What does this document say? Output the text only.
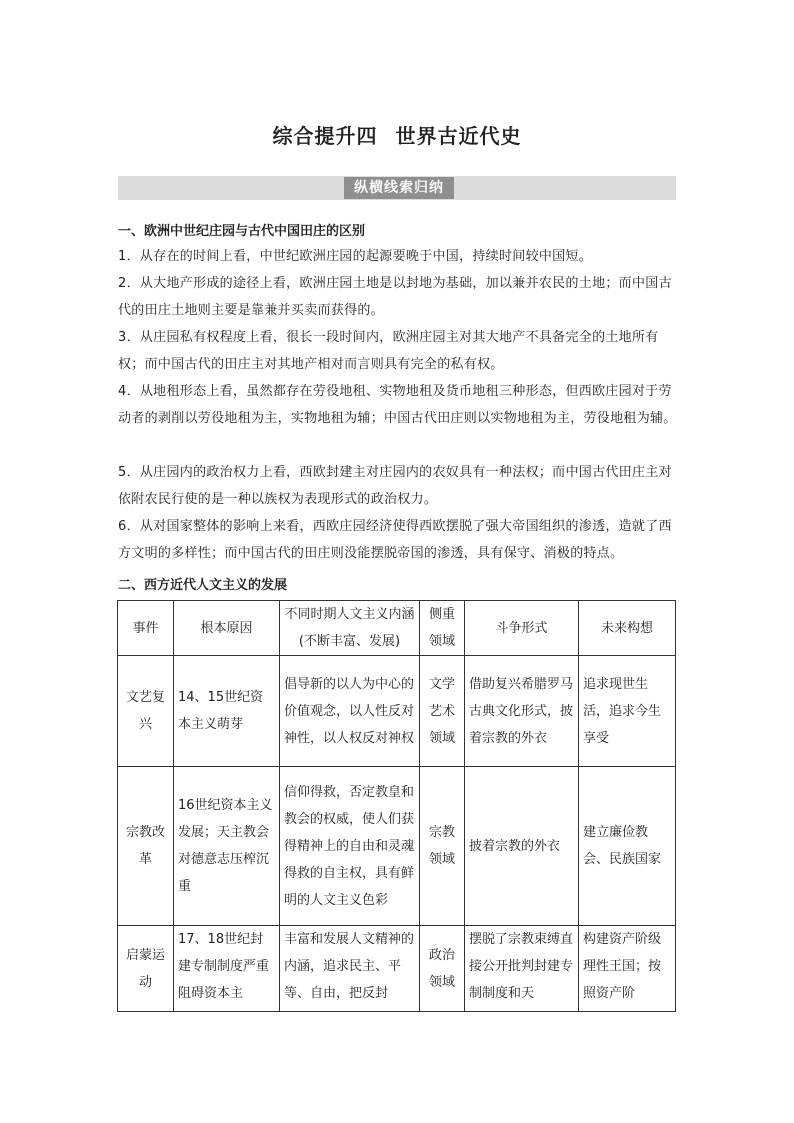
综合提升四 世界古近代史
纵横线索归纳
一、欧洲中世纪庄园与古代中国田庄的区别
1．从存在的时间上看，中世纪欧洲庄园的起源要晚于中国，持续时间较中国短。
2．从大地产形成的途径上看，欧洲庄园土地是以封地为基础，加以兼并农民的土地；而中国古代的田庄土地则主要是靠兼并买卖而获得的。
3．从庄园私有权程度上看，很长一段时间内，欧洲庄园主对其大地产不具备完全的土地所有权；而中国古代的田庄主对其地产相对而言则具有完全的私有权。
4．从地租形态上看，虽然都存在劳役地租、实物地租及货币地租三种形态，但西欧庄园对于劳动者的剥削以劳役地租为主，实物地租为辅；中国古代田庄则以实物地租为主，劳役地租为辅。
5．从庄园内的政治权力上看，西欧封建主对庄园内的农奴具有一种法权；而中国古代田庄主对依附农民行使的是一种以族权为表现形式的政治权力。
6．从对国家整体的影响上来看，西欧庄园经济使得西欧摆脱了强大帝国组织的渗透，造就了西方文明的多样性；而中国古代的田庄则没能摆脱帝国的渗透，具有保守、消极的特点。
二、西方近代人文主义的发展
事件	根本原因	不同时期人文主义内涵(不断丰富、发展)	侧重领域	斗争形式	未来构想
文艺复兴	14、15世纪资本主义萌芽	倡导新的以人为中心的价值观念，以人性反对神性，以人权反对神权	文学艺术领域	借助复兴希腊罗马古典文化形式，披着宗教的外衣	追求现世生活，追求今生享受
宗教改革	16世纪资本主义发展；天主教会对德意志压榨沉重	信仰得救，否定教皇和教会的权威，使人们获得精神上的自由和灵魂得救的自主权，具有鲜明的人文主义色彩	宗教领域	披着宗教的外衣	建立廉俭教会、民族国家
启蒙运动	17、18世纪封建专制制度严重阻碍资本主	丰富和发展人文精神的内涵，追求民主、平等、自由，把反封	政治领域	摆脱了宗教束缚直接公开批判封建专制制度和天	构建资产阶级理性王国；按照资产阶
